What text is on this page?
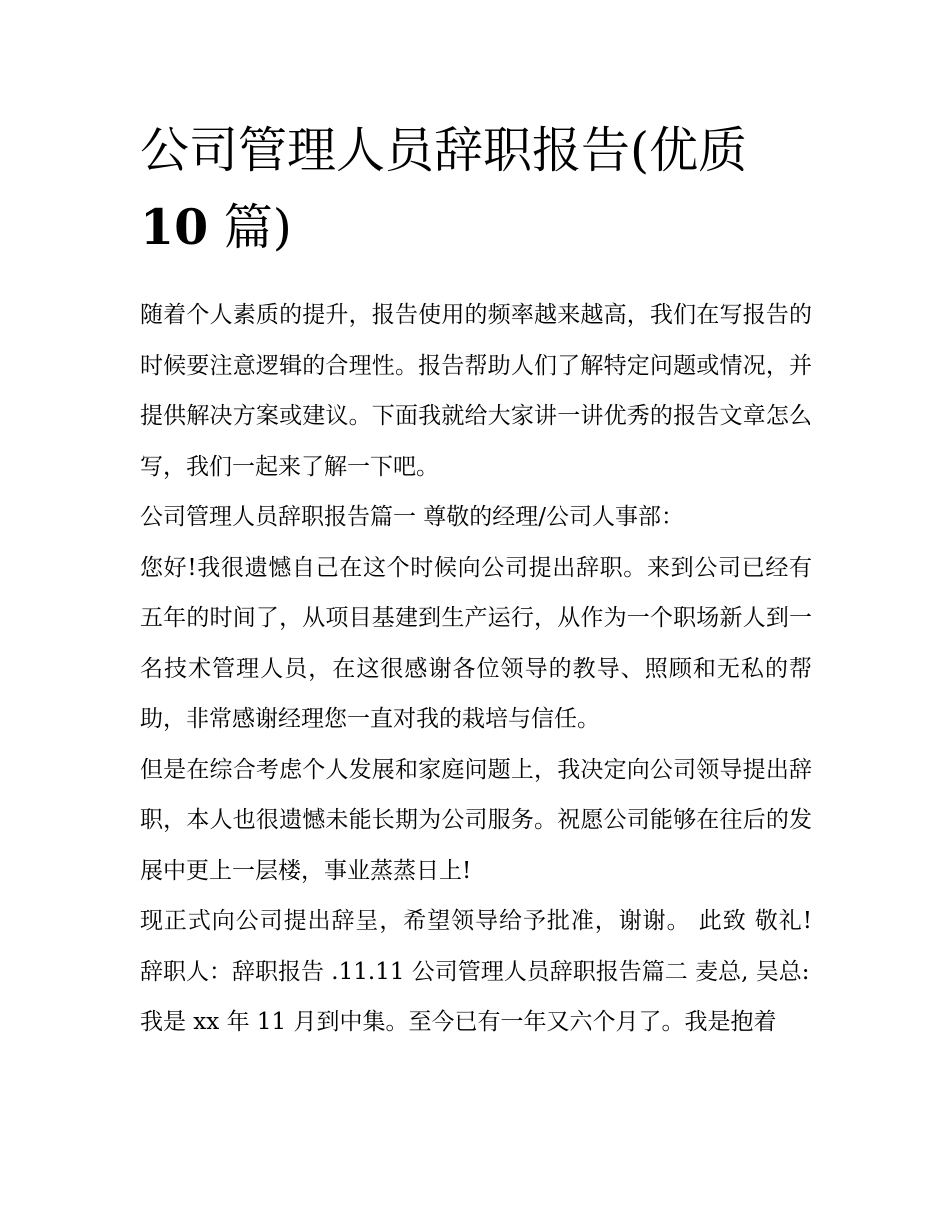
公司管理人员辞职报告(优质
10 篇)

随着个人素质的提升，报告使用的频率越来越高，我们在写报告的时候要注意逻辑的合理性。报告帮助人们了解特定问题或情况，并提供解决方案或建议。下面我就给大家讲一讲优秀的报告文章怎么写，我们一起来了解一下吧。

公司管理人员辞职报告篇一 尊敬的经理/公司人事部：

您好!我很遗憾自己在这个时候向公司提出辞职。来到公司已经有五年的时间了，从项目基建到生产运行，从作为一个职场新人到一名技术管理人员，在这很感谢各位领导的教导、照顾和无私的帮助，非常感谢经理您一直对我的栽培与信任。

但是在综合考虑个人发展和家庭问题上，我决定向公司领导提出辞职，本人也很遗憾未能长期为公司服务。祝愿公司能够在往后的发展中更上一层楼，事业蒸蒸日上!

现正式向公司提出辞呈，希望领导给予批准，谢谢。 此致 敬礼! 辞职人：辞职报告 .11.11 公司管理人员辞职报告篇二 麦总, 吴总:

我是 xx 年 11 月到中集。至今已有一年又六个月了。我是抱着
